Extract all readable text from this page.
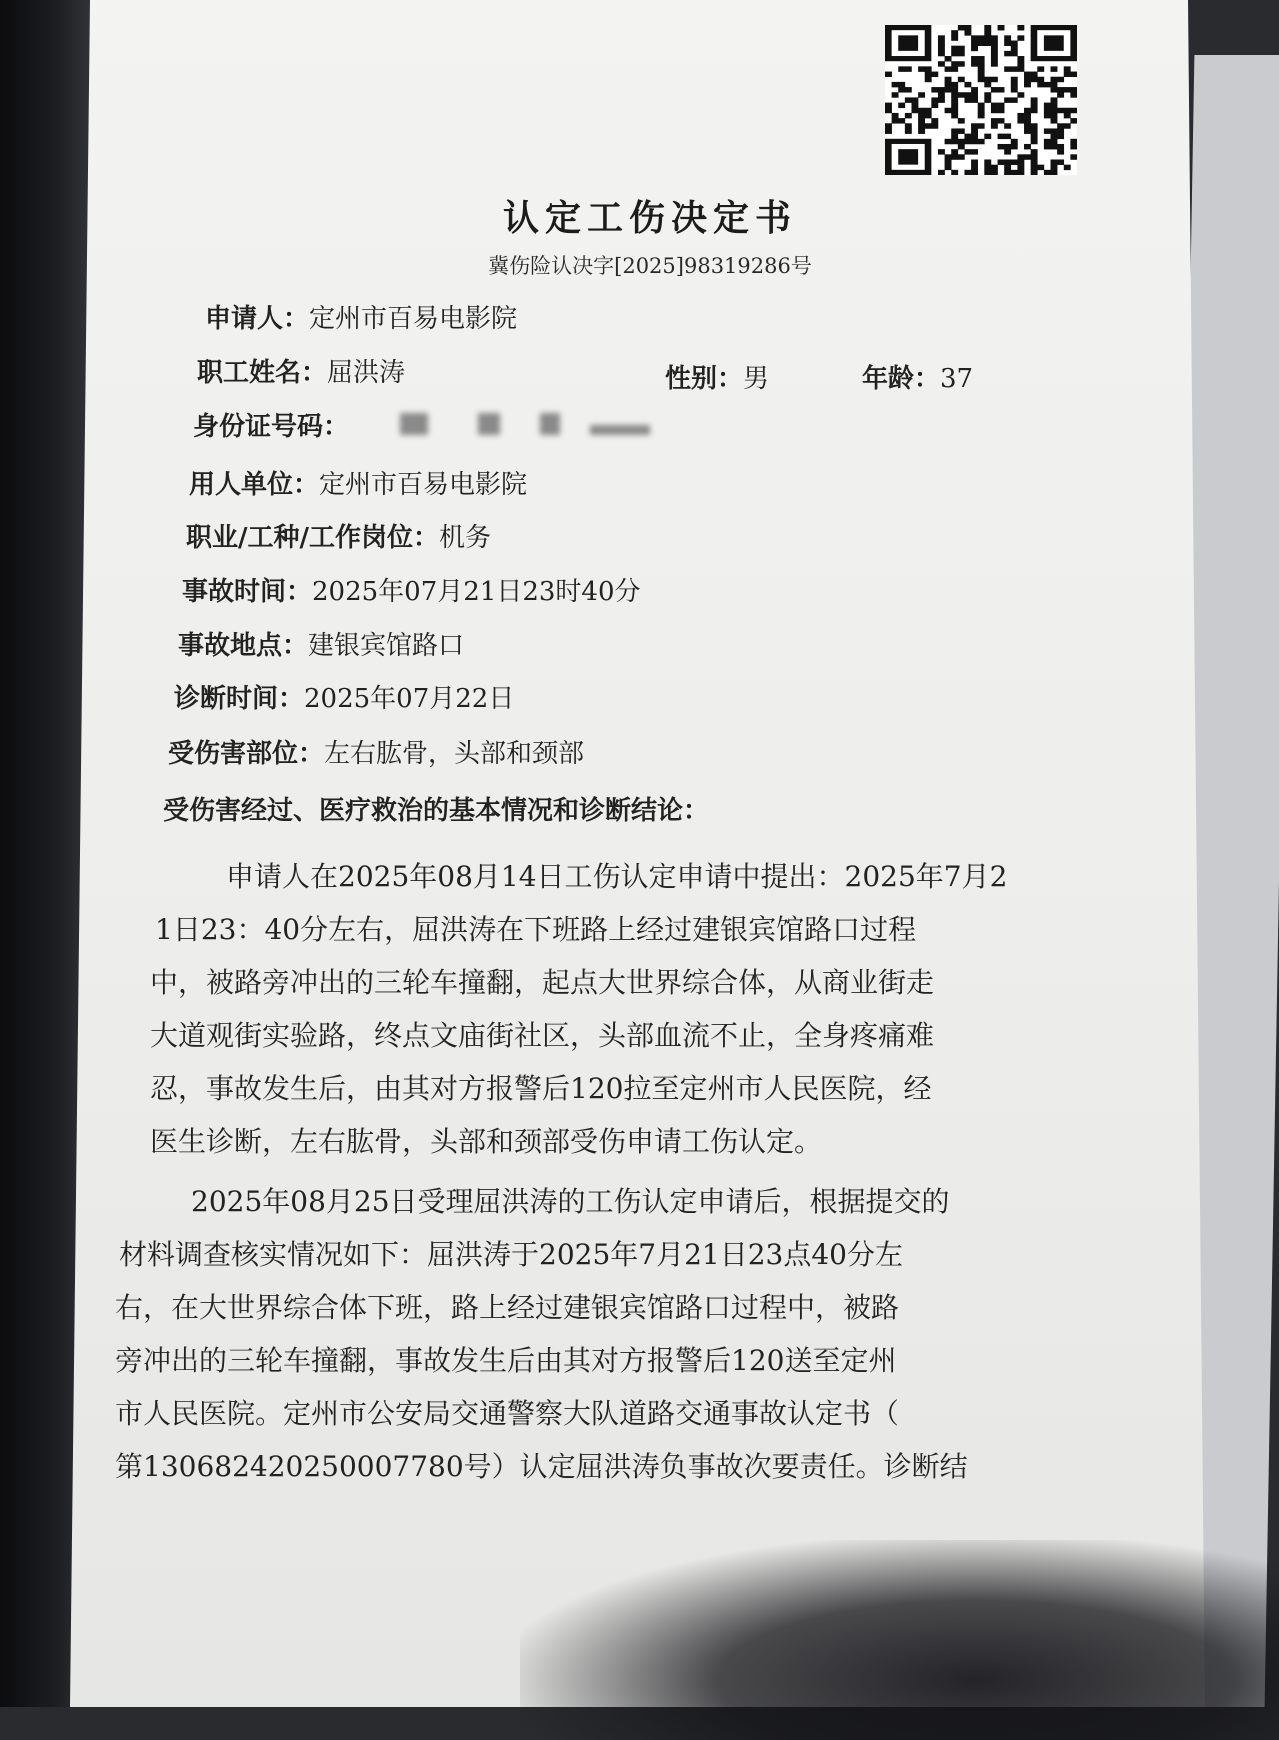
认定工伤决定书
冀伤险认决字[2025]98319286号
申请人：定州市百易电影院
职工姓名：屈洪涛	性别：男	年龄：37
身份证号码：
用人单位：定州市百易电影院
职业/工种/工作岗位：机务
事故时间：2025年07月21日23时40分
事故地点：建银宾馆路口
诊断时间：2025年07月22日
受伤害部位：左右肱骨，头部和颈部
受伤害经过、医疗救治的基本情况和诊断结论：
申请人在2025年08月14日工伤认定申请中提出：2025年7月2
1日23：40分左右，屈洪涛在下班路上经过建银宾馆路口过程
中，被路旁冲出的三轮车撞翻，起点大世界综合体，从商业街走
大道观街实验路，终点文庙街社区，头部血流不止，全身疼痛难
忍，事故发生后，由其对方报警后120拉至定州市人民医院，经
医生诊断，左右肱骨，头部和颈部受伤申请工伤认定。
2025年08月25日受理屈洪涛的工伤认定申请后，根据提交的
材料调查核实情况如下：屈洪涛于2025年7月21日23点40分左
右，在大世界综合体下班，路上经过建银宾馆路口过程中，被路
旁冲出的三轮车撞翻，事故发生后由其对方报警后120送至定州
市人民医院。定州市公安局交通警察大队道路交通事故认定书（
第130682420250007780号）认定屈洪涛负事故次要责任。诊断结
